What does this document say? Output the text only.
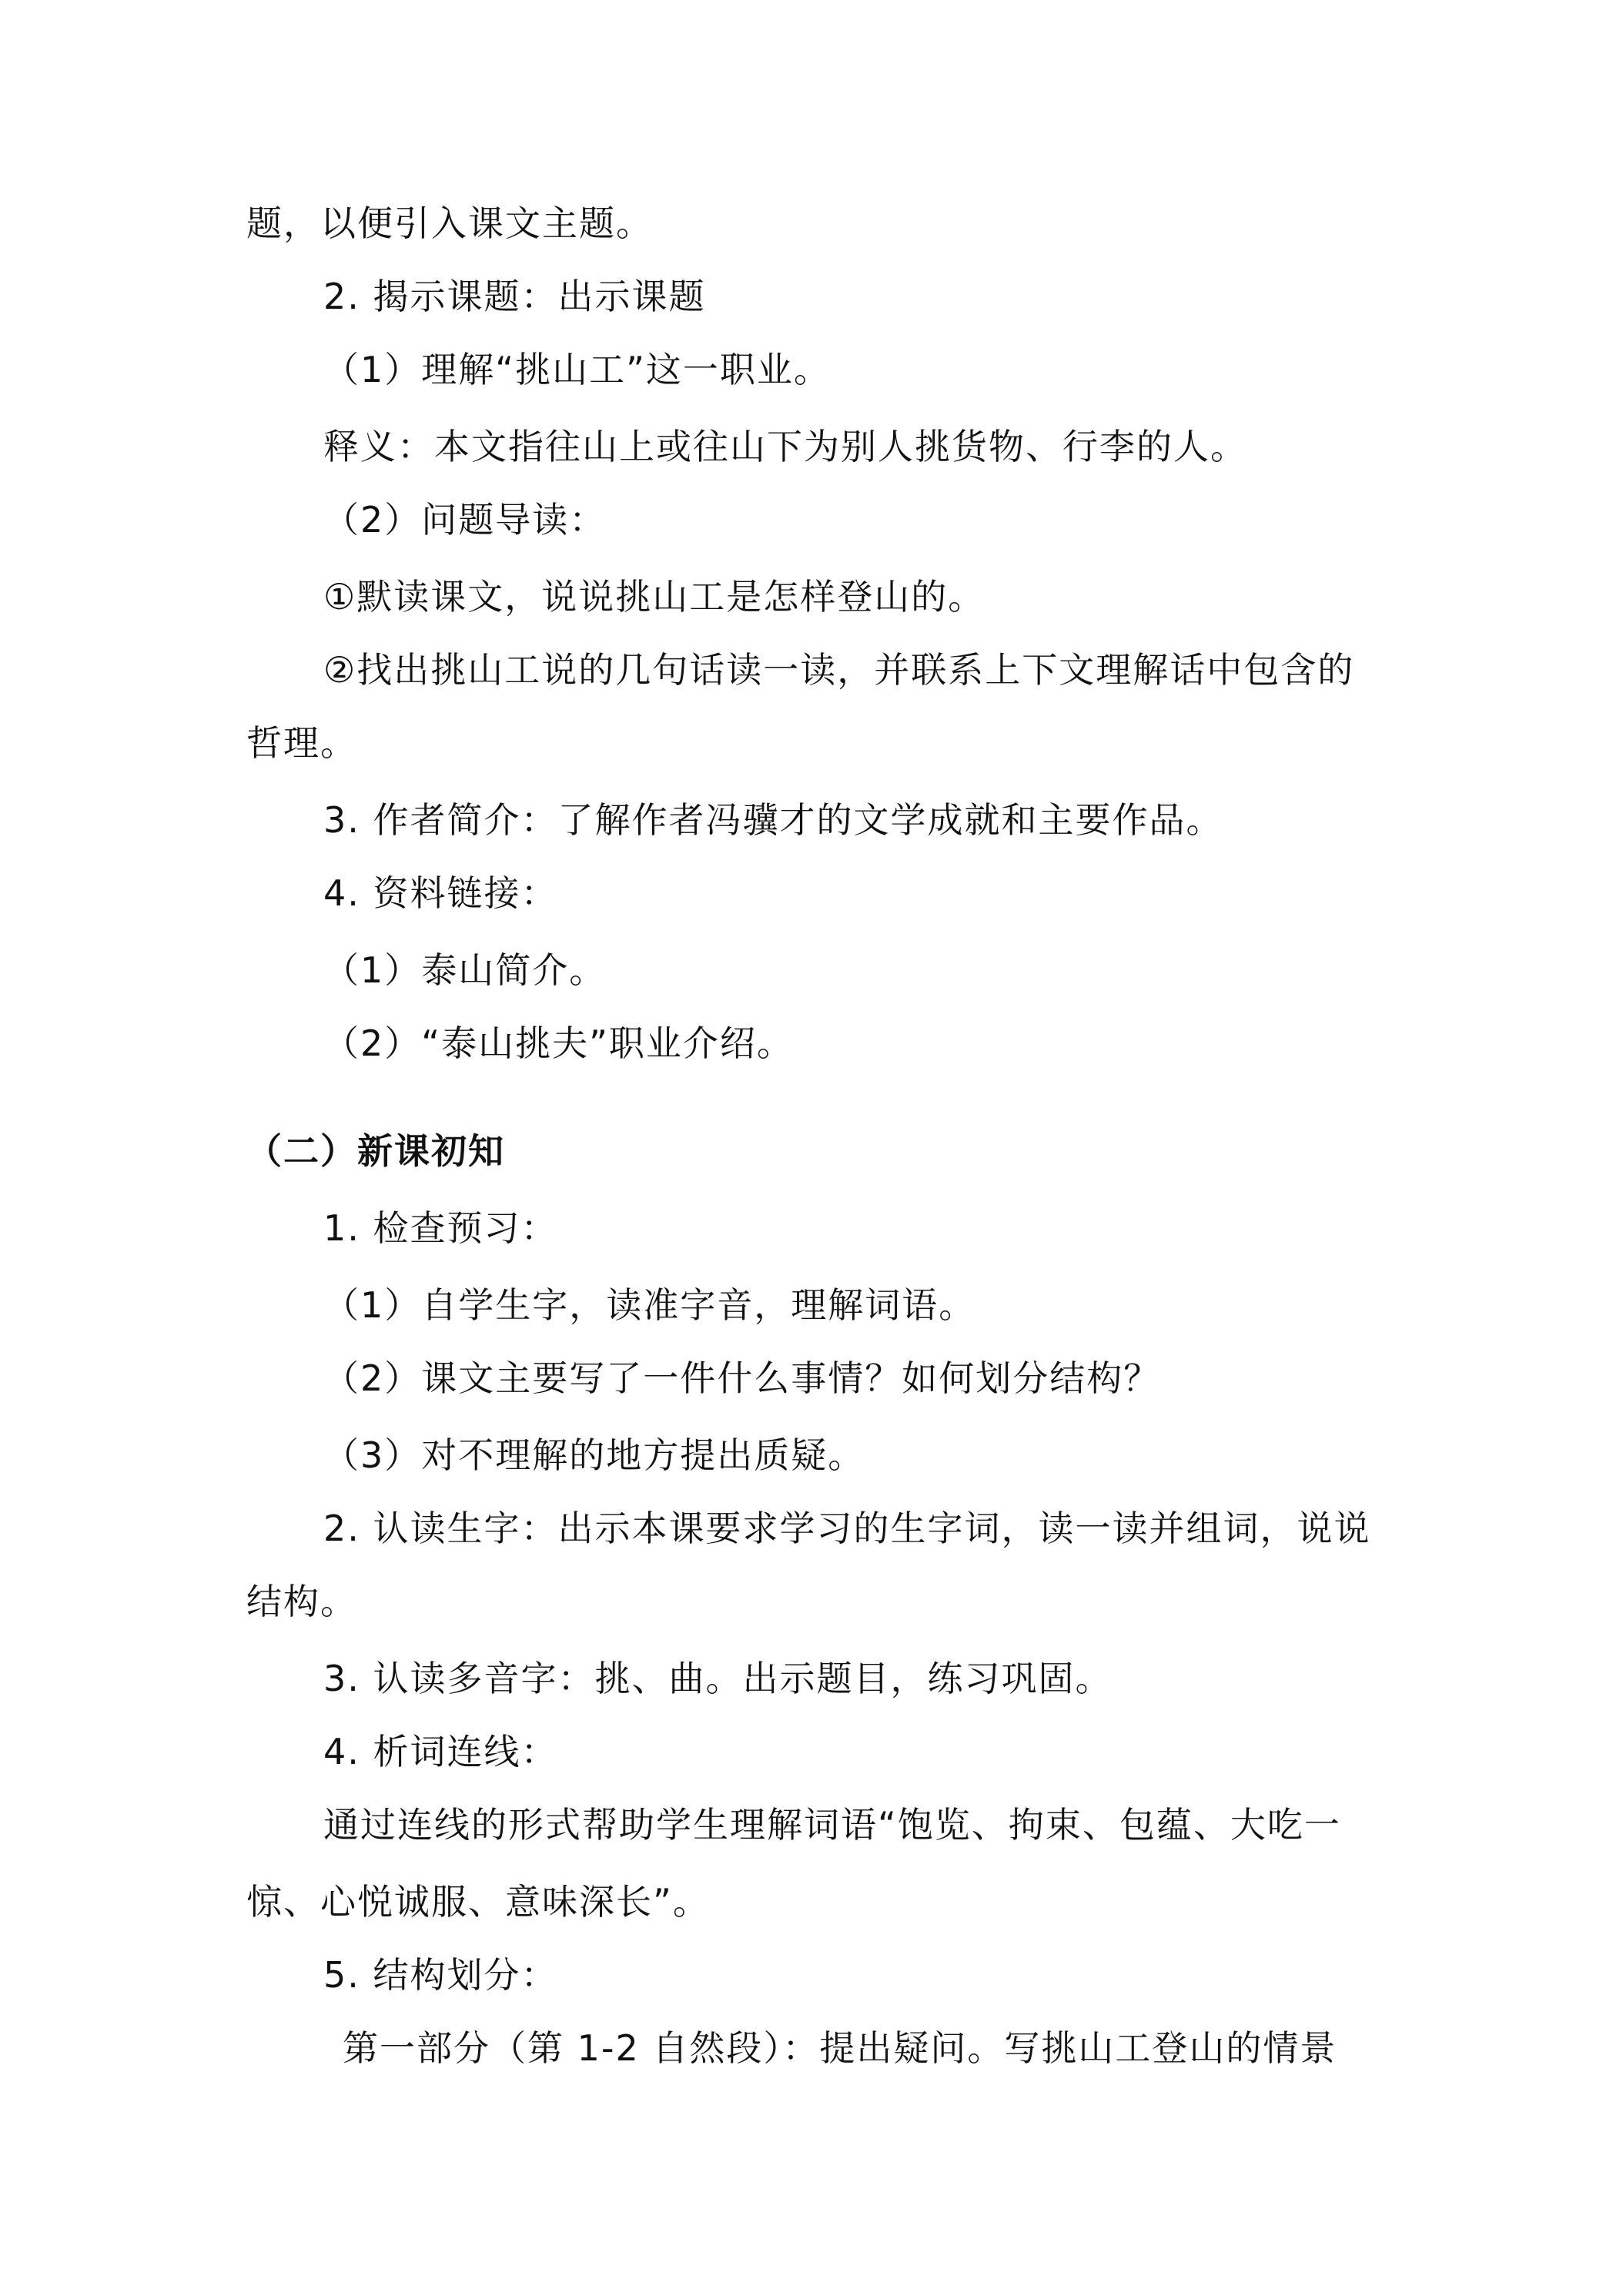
题，以便引入课文主题。
2. 揭示课题：出示课题
（1）理解“挑山工”这一职业。
释义：本文指往山上或往山下为别人挑货物、行李的人。
（2）问题导读：
①默读课文，说说挑山工是怎样登山的。
②找出挑山工说的几句话读一读，并联系上下文理解话中包含的
哲理。
3. 作者简介：了解作者冯骥才的文学成就和主要作品。
4. 资料链接：
（1）泰山简介。
（2）“泰山挑夫”职业介绍。
（二）新课初知
1. 检查预习：
（1）自学生字，读准字音，理解词语。
（2）课文主要写了一件什么事情？如何划分结构？
（3）对不理解的地方提出质疑。
2. 认读生字：出示本课要求学习的生字词，读一读并组词，说说
结构。
3. 认读多音字：挑、曲。出示题目，练习巩固。
4. 析词连线：
通过连线的形式帮助学生理解词语“饱览、拘束、包蕴、大吃一
惊、心悦诚服、意味深长”。
5. 结构划分：
第一部分（第 1-2 自然段）：提出疑问。写挑山工登山的情景
